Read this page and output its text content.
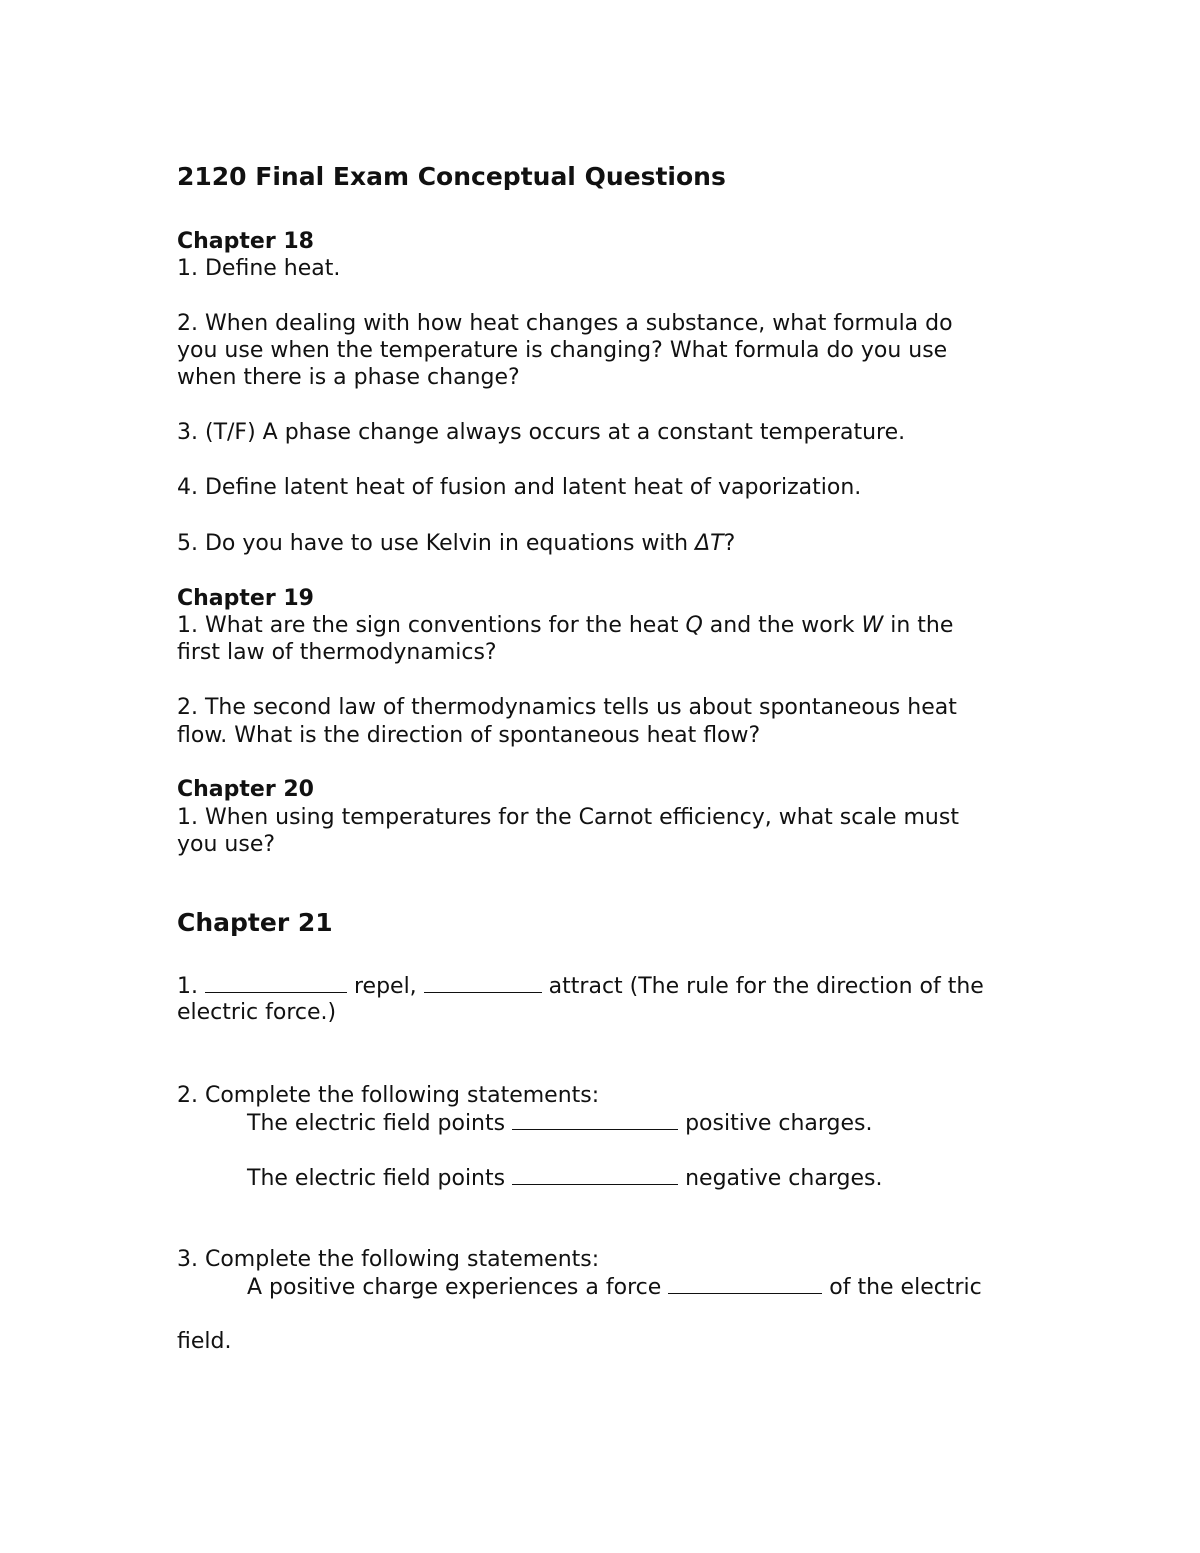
2120 Final Exam Conceptual Questions

Chapter 18

1. Define heat.

2. When dealing with how heat changes a substance, what formula do

you use when the temperature is changing? What formula do you use

when there is a phase change?

3. (T/F) A phase change always occurs at a constant temperature.

4. Define latent heat of fusion and latent heat of vaporization.

5. Do you have to use Kelvin in equations with ΔT?

Chapter 19

1. What are the sign conventions for the heat Q and the work W in the

first law of thermodynamics?

2. The second law of thermodynamics tells us about spontaneous heat

flow. What is the direction of spontaneous heat flow?

Chapter 20

1. When using temperatures for the Carnot efficiency, what scale must

you use?

Chapter 21

1.	repel,	attract (The rule for the direction of the

electric force.)

2. Complete the following statements:

The electric field points	positive charges.

The electric field points	negative charges.

3. Complete the following statements:

A positive charge experiences a force	of the electric

field.
